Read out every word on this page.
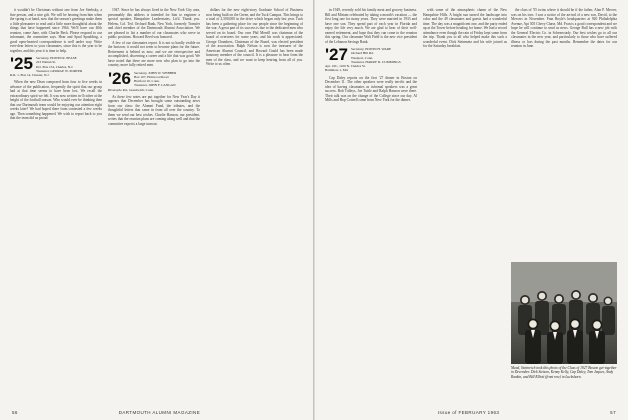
it wouldn't be Christmas without one from Joe Sterbsky, a fine person, and a nice gift. We will be hearing from him when the spring is at hand, now that the season's greetings make them a little pleasanter to read and a little more thoughtful about the things that have happened since 1964. We'll have our 40th reunion, come June, with Charlie Beck. Please respond to our informant, the committee says. Hear and Spud Spaulding, a good open-hearted correspondence is well under way. Write ever-dear letters to your classmates, since this is the year to be together, and this year it is time to help.

'25 Secretary, EDWIN R. PEASE
223 Walnut St.
P.O. Box 154, Charles, N.J.
Treasurer, GEORGE W. PORTER
R.R. 1, Box 14, Chester, N.J.

When the new Dean composed from four to five weeks in advance of the publication, frequently the spirit that our group had at that time seems to have been lost. We recall the extraordinary spirit we felt. It was now written in October at the height of the football season. Who would ever be thinking then that our Dartmouth team would be enjoying our attention eight weeks later? We had hoped there from contested a few weeks ago. Then something happened. We wish to report back to you that the team did us proud.

1947. Since he has always lived in the New York City area, presumably this address is intended for him to engineer a special speaker, Hampshire Leaderstates, Lti'd. Thank you. Helens, Col. Ted. Orchard Bank, New York, formerly Transfer and chief member of the Dartmouth Alumni Association. We are pleased to list a number of our classmates who serve in public positions. Howard Reed was honored.

A few of our classmates report. It is not so hardly visible on the horizon; it would not seem to become plans for the future. Retirement is behind us now, and we are retrospective and accomplished, discerning a career and a life that was good. We have noted that there are more now who plan to go into the country, more fully retired men.

'26 Secretary, JOHN W. WEBBER
Box 107, Elmwood Road
Hartford 10, Conn.
Treasurer, JOHN F. LANGAN
Riversyde Rd., Greenwich, Conn.

As these few notes are put together for New Year's Day it appears that December has brought some outstanding news from our class: the Alumni Fund, the tributes, and the thoughtful letters that came in from all over the country. To them we send our best wishes. Charlie Hanson, our president, writes that the reunion plans are coming along well and that the committee expects a large turnout.

dollars for the new eight-story Graduate School of Business now being built on the Green, and the Tuck Campus. This brings to a total of 2,500,000 in the drive which began only last year. Tuck has been a gathering place for our people since the beginning of the war. A great part of its success is due to the dedicated men who served on its board. Our own Phil Merrill was chairman of the board of overseers for some years, and his work is appreciated. George Chambers, Chairman of the Board, was elected president of the association. Ralph Nelson is now the treasurer of the American Alumni Council, and Howard Gould has been made honorary member of the council. It is a pleasure to hear from the men of the class, and we want to keep hearing from all of you. Write to us often.

56	DARTMOUTH ALUMNI MAGAZINE

in 1949, recently sold his family meat and grocery business. Bill and Miriam celebrated by taking a month's vacation — the first long one for many years. They were married in 1933 and have one son. They spend part of each year in Florida and enjoy the life very much. We are glad to hear of their well-earned retirement, and hope that they can come to the reunion this spring. Our classmate Walt Field is the new vice president of the Lebanon Savings Bank.

'27 Secretary, EDWIN H. WARE
Orchard Hill Rd.
Westport, Conn.
Treasurer, HARRY D. CUMMINGS
Apt. 10C, 1100 N. Charles St.
Baltimore 1, Md.

Cap Daley reports on the first '27 dinner in Boston on December 11. The other speakers were really terrific and the idea of having classmates as informal speakers was a great success. Bob Tulleys, Joe Tuttle and Ralph Hanson were there. Their talk was on the change of the College since our day. Al Mills and Hop Cottrell came from New York for the dinner.

with some of the atmospheric charm of the New Hampshire Hills. A bright sun turned the landscape into color and the 49 classmates and guests had a wonderful time. The day was a magnificent one, and the party ended up at the Tower before heading for home. We had a record attendance even though the rain of Friday kept some from the trip. Thank you to all who helped make this such a wonderful event. Dick Steinmetz and his wife joined us for the Saturday breakfast.

the class of '55 twins where it should be if the father, Alan P. Mercer, was on his toes. I saw a notice of the arrival of a new son, David, to the Mercers in November. Fran Boyle's headquarters at 920 Philadelphia Avenue, Apt 505 Chevy Chase, Md. Fran is a good correspondent and we hope he will continue to send us news. George Bull has a new job with the General Electric Co. in Schenectady. Our best wishes go to all our classmates in the new year, and particularly to those who have suffered illness or loss during the past months. Remember the dates for our reunion in June.

Mead, Steinreich took this photo of the Class of 1927 Boston get-together in December. Dick Stetson, Kenny Kelly, Cap Daley, Tom Jaques, Andy Rankin, and Bill Elliott (front row) in Luckshorn.
Issue of FEBRUARY 1963	57
